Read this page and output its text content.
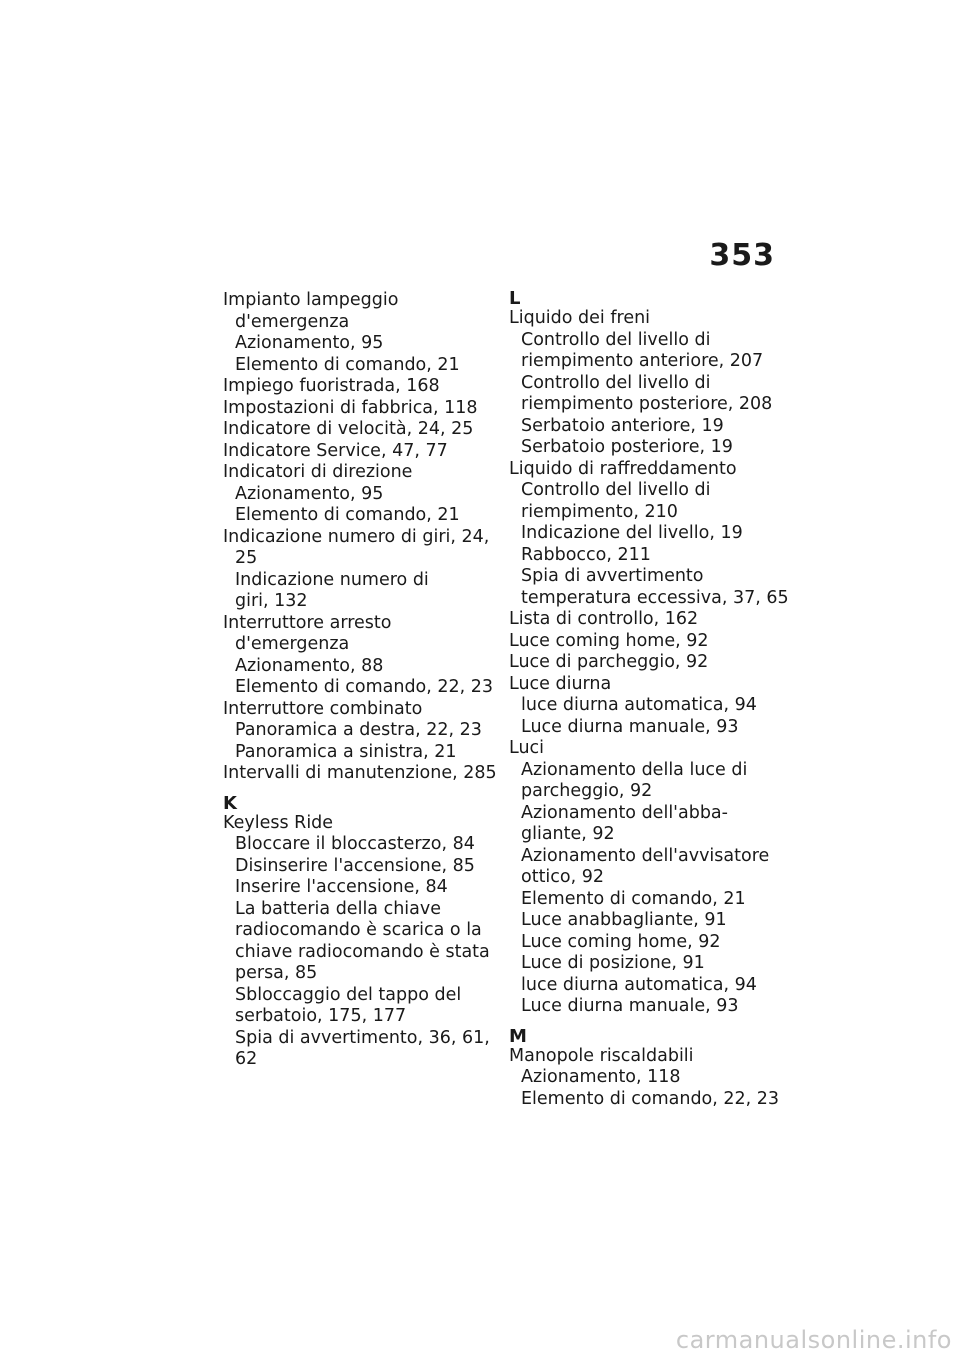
353
Impianto lampeggio
d'emergenza
Azionamento, 95
Elemento di comando, 21
Impiego fuoristrada, 168
Impostazioni di fabbrica, 118
Indicatore di velocità, 24, 25
Indicatore Service, 47, 77
Indicatori di direzione
Azionamento, 95
Elemento di comando, 21
Indicazione numero di giri, 24,
25
Indicazione numero di
giri, 132
Interruttore arresto
d'emergenza
Azionamento, 88
Elemento di comando, 22, 23
Interruttore combinato
Panoramica a destra, 22, 23
Panoramica a sinistra, 21
Intervalli di manutenzione, 285
K
Keyless Ride
Bloccare il bloccasterzo, 84
Disinserire l'accensione, 85
Inserire l'accensione, 84
La batteria della chiave
radiocomando è scarica o la
chiave radiocomando è stata
persa, 85
Sbloccaggio del tappo del
serbatoio, 175, 177
Spia di avvertimento, 36, 61,
62
L
Liquido dei freni
Controllo del livello di
riempimento anteriore, 207
Controllo del livello di
riempimento posteriore, 208
Serbatoio anteriore, 19
Serbatoio posteriore, 19
Liquido di raffreddamento
Controllo del livello di
riempimento, 210
Indicazione del livello, 19
Rabbocco, 211
Spia di avvertimento
temperatura eccessiva, 37, 65
Lista di controllo, 162
Luce coming home, 92
Luce di parcheggio, 92
Luce diurna
luce diurna automatica, 94
Luce diurna manuale, 93
Luci
Azionamento della luce di
parcheggio, 92
Azionamento dell'abba-
gliante, 92
Azionamento dell'avvisatore
ottico, 92
Elemento di comando, 21
Luce anabbagliante, 91
Luce coming home, 92
Luce di posizione, 91
luce diurna automatica, 94
Luce diurna manuale, 93
M
Manopole riscaldabili
Azionamento, 118
Elemento di comando, 22, 23
carmanualsonline.info
